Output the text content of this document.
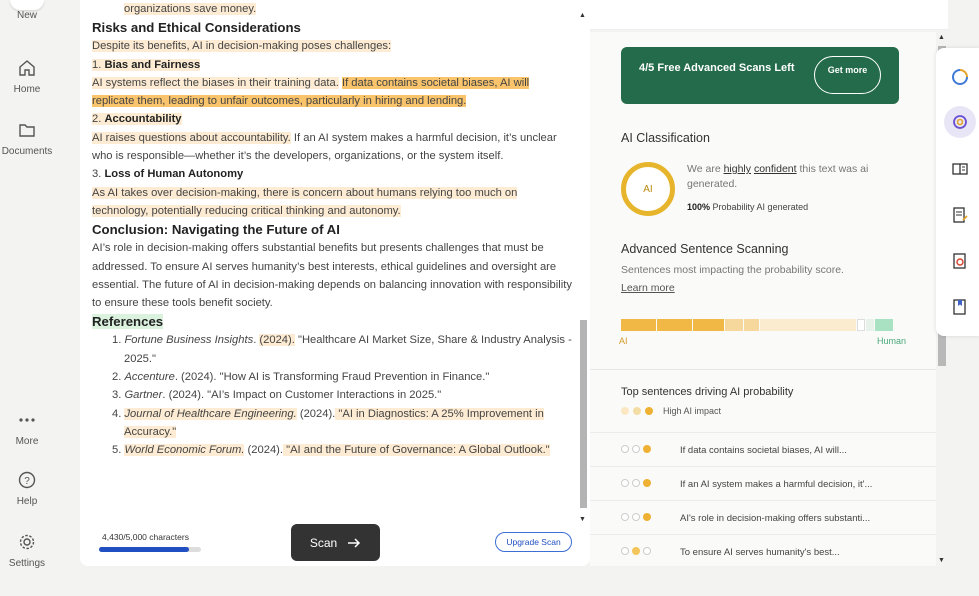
New
Home
Documents
More
?
Help
Settings

organizations save money.

Risks and Ethical Considerations

Despite its benefits, AI in decision-making poses challenges:

1. Bias and Fairness

AI systems reflect the biases in their training data. If data contains societal biases, AI will replicate them, leading to unfair outcomes, particularly in hiring and lending.

2. Accountability

AI raises questions about accountability. If an AI system makes a harmful decision, it’s unclear who is responsible—whether it’s the developers, organizations, or the system itself.

3. Loss of Human Autonomy

As AI takes over decision-making, there is concern about humans relying too much on technology, potentially reducing critical thinking and autonomy.

Conclusion: Navigating the Future of AI

AI’s role in decision-making offers substantial benefits but presents challenges that must be addressed. To ensure AI serves humanity’s best interests, ethical guidelines and oversight are essential. The future of AI in decision-making depends on balancing innovation with responsibility to ensure these tools benefit society.

References

1. Fortune Business Insights. (2024). "Healthcare AI Market Size, Share & Industry Analysis - 2025."

2. Accenture. (2024). "How AI is Transforming Fraud Prevention in Finance."

3. Gartner. (2024). "AI’s Impact on Customer Interactions in 2025."

4. Journal of Healthcare Engineering. (2024). "AI in Diagnostics: A 25% Improvement in Accuracy."

5. World Economic Forum. (2024). "AI and the Future of Governance: A Global Outlook."

▲
▼
4,430/5,000 characters	Scan	Upgrade Scan
4/5 Free Advanced Scans Left	Get more
AI Classification
AI
We are highly confident this text was ai generated.
100% Probability AI generated
Advanced Sentence Scanning
Sentences most impacting the probability score.
Learn more
AI	Human
Top sentences driving AI probability
High AI impact
If data contains societal biases, AI will...
If an AI system makes a harmful decision, it'...
AI's role in decision-making offers substanti...
To ensure AI serves humanity's best...
▲
▼
